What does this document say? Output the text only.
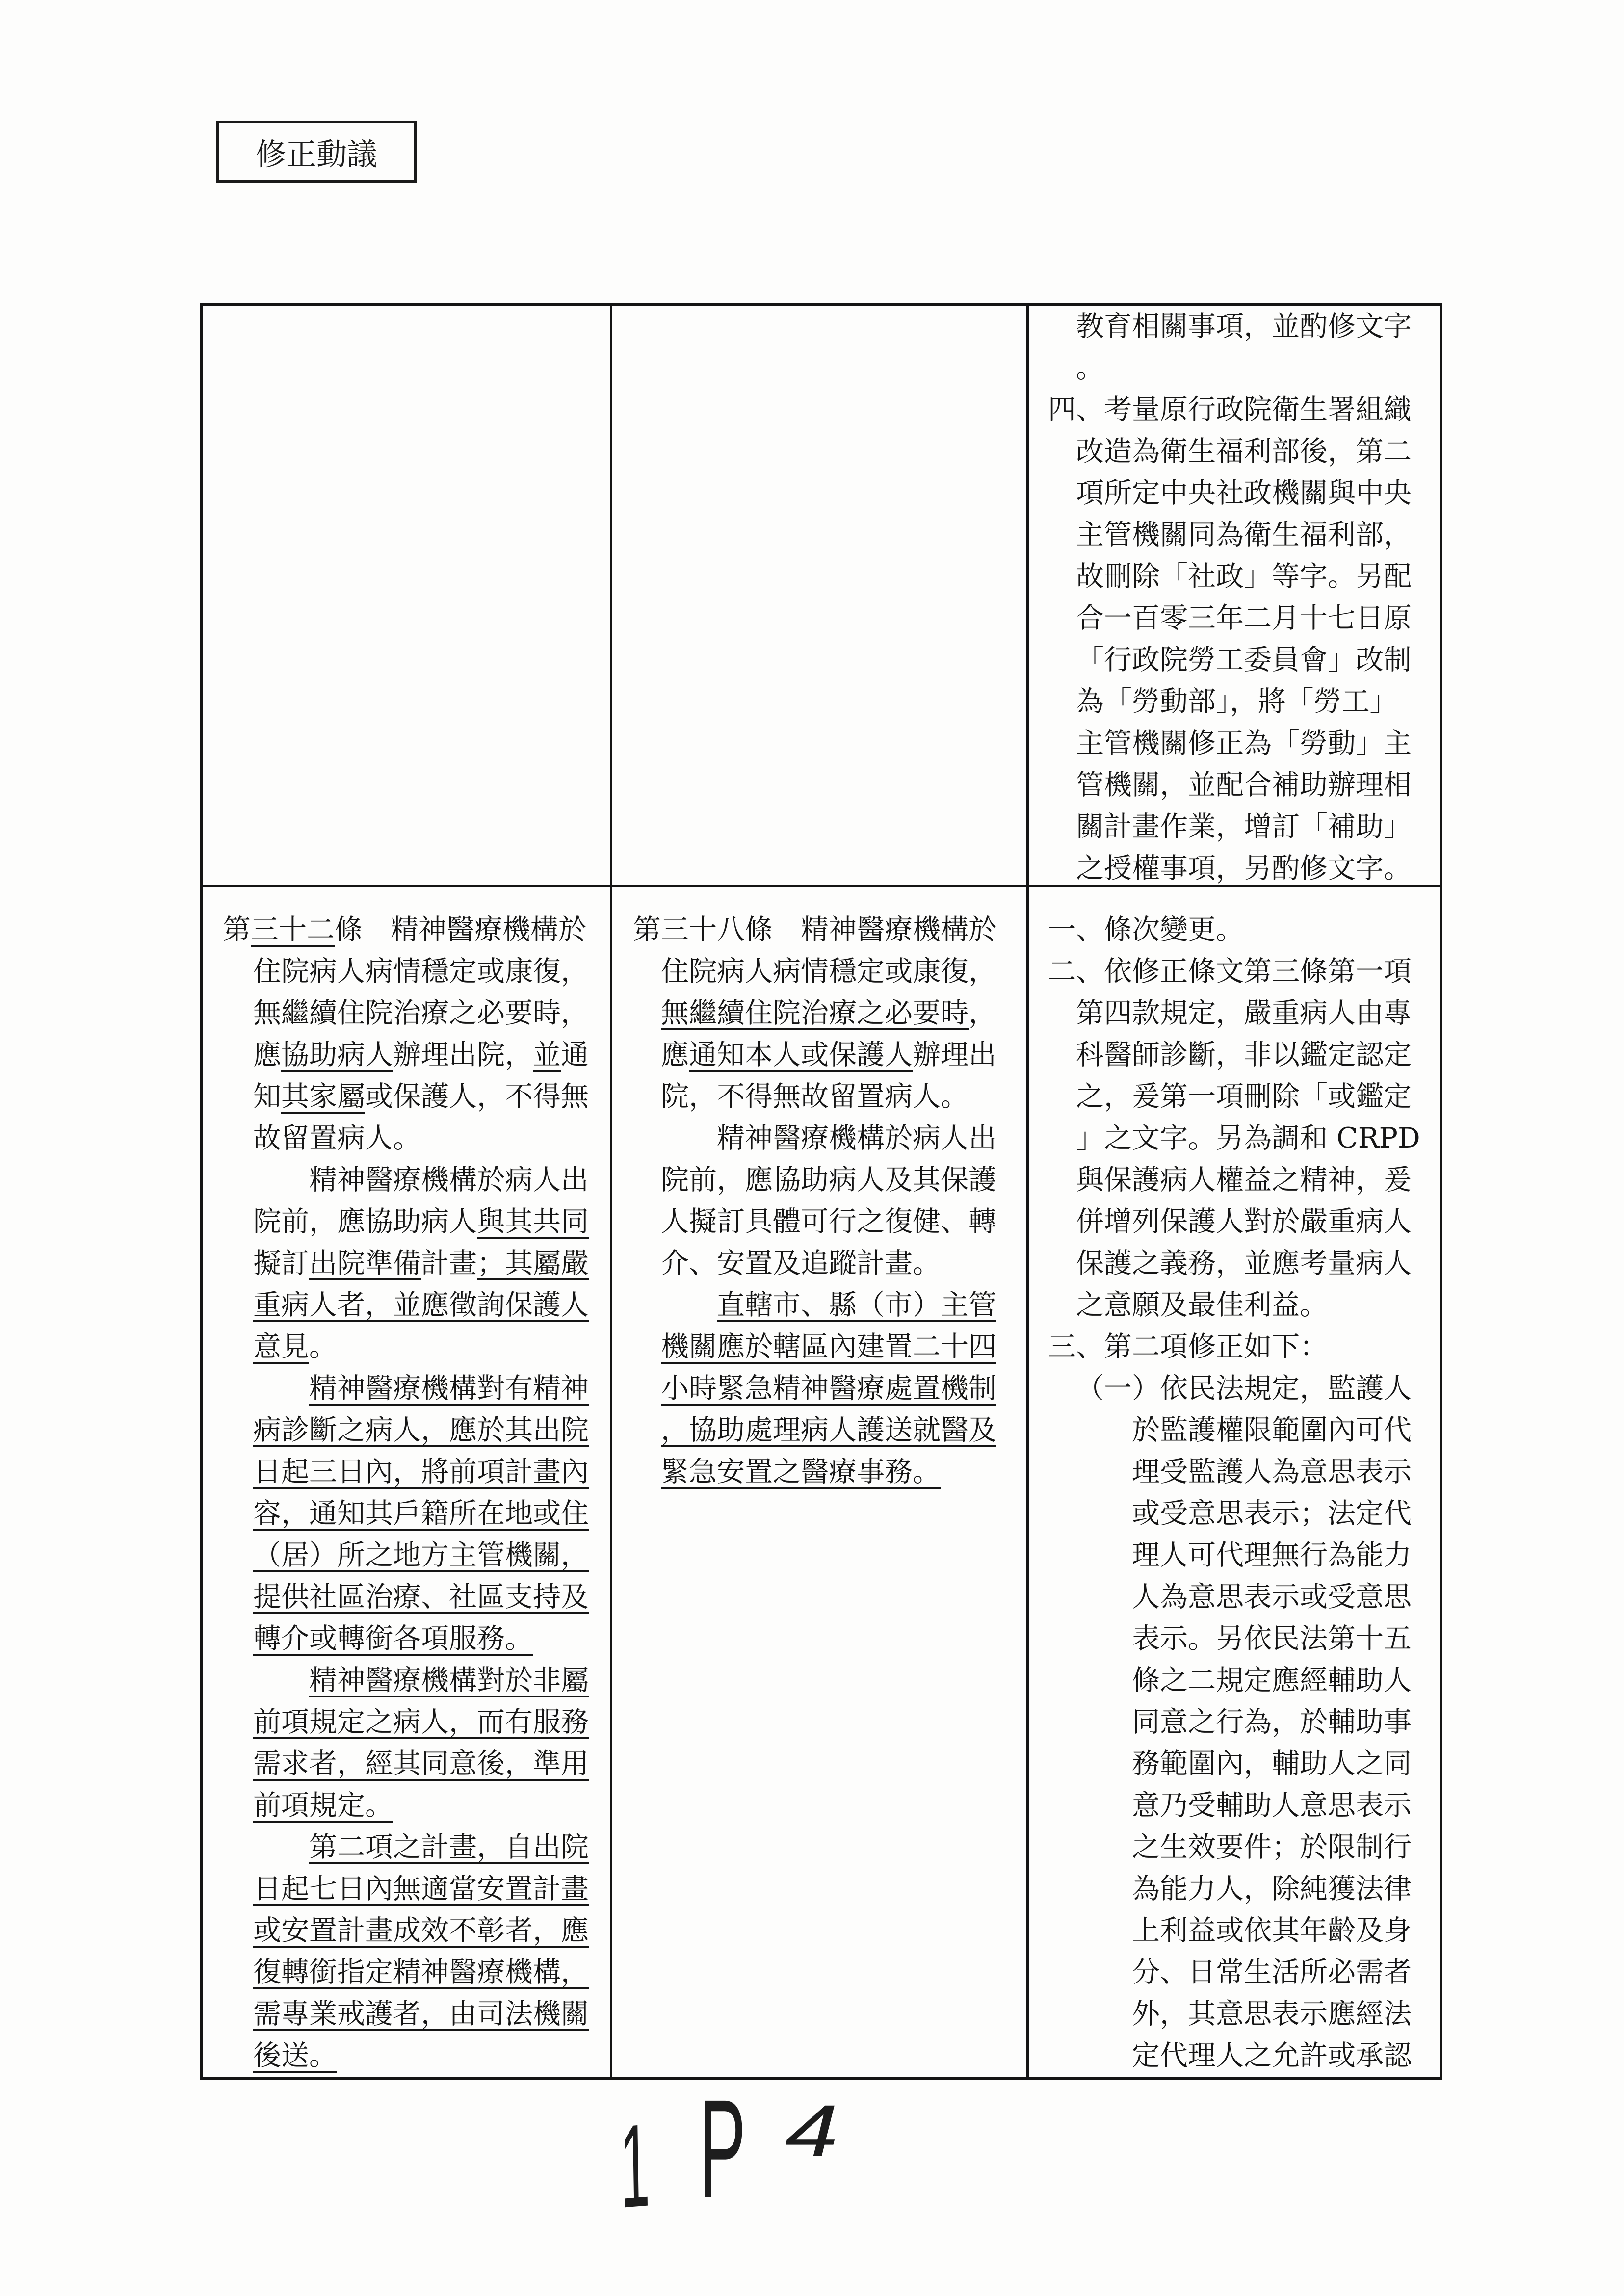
修正動議
教育相關事項，並酌修文字
。
四、考量原行政院衛生署組織
改造為衛生福利部後，第二
項所定中央社政機關與中央
主管機關同為衛生福利部，
故刪除「社政」等字。另配
合一百零三年二月十七日原
「行政院勞工委員會」改制
為「勞動部」，將「勞工」
主管機關修正為「勞動」主
管機關，並配合補助辦理相
關計畫作業，增訂「補助」
之授權事項，另酌修文字。
第三十二條　精神醫療機構於
住院病人病情穩定或康復，
無繼續住院治療之必要時，
應協助病人辦理出院，並通
知其家屬或保護人，不得無
故留置病人。
精神醫療機構於病人出
院前，應協助病人與其共同
擬訂出院準備計畫；其屬嚴
重病人者，並應徵詢保護人
意見。
精神醫療機構對有精神
病診斷之病人，應於其出院
日起三日內，將前項計畫內
容，通知其戶籍所在地或住
（居）所之地方主管機關，
提供社區治療、社區支持及
轉介或轉銜各項服務。
精神醫療機構對於非屬
前項規定之病人，而有服務
需求者，經其同意後，準用
前項規定。
第二項之計畫，自出院
日起七日內無適當安置計畫
或安置計畫成效不彰者，應
復轉銜指定精神醫療機構，
需專業戒護者，由司法機關
後送。
第三十八條　精神醫療機構於
住院病人病情穩定或康復，
無繼續住院治療之必要時，
應通知本人或保護人辦理出
院，不得無故留置病人。
精神醫療機構於病人出
院前，應協助病人及其保護
人擬訂具體可行之復健、轉
介、安置及追蹤計畫。
直轄市、縣（市）主管
機關應於轄區內建置二十四
小時緊急精神醫療處置機制
，協助處理病人護送就醫及
緊急安置之醫療事務。
一、條次變更。
二、依修正條文第三條第一項
第四款規定，嚴重病人由專
科醫師診斷，非以鑑定認定
之，爰第一項刪除「或鑑定
」之文字。另為調和 CRPD
與保護病人權益之精神，爰
併增列保護人對於嚴重病人
保護之義務，並應考量病人
之意願及最佳利益。
三、第二項修正如下：
（一）依民法規定，監護人
於監護權限範圍內可代
理受監護人為意思表示
或受意思表示；法定代
理人可代理無行為能力
人為意思表示或受意思
表示。另依民法第十五
條之二規定應經輔助人
同意之行為，於輔助事
務範圍內，輔助人之同
意乃受輔助人意思表示
之生效要件；於限制行
為能力人，除純獲法律
上利益或依其年齡及身
分、日常生活所必需者
外，其意思表示應經法
定代理人之允許或承認
1 P 4
